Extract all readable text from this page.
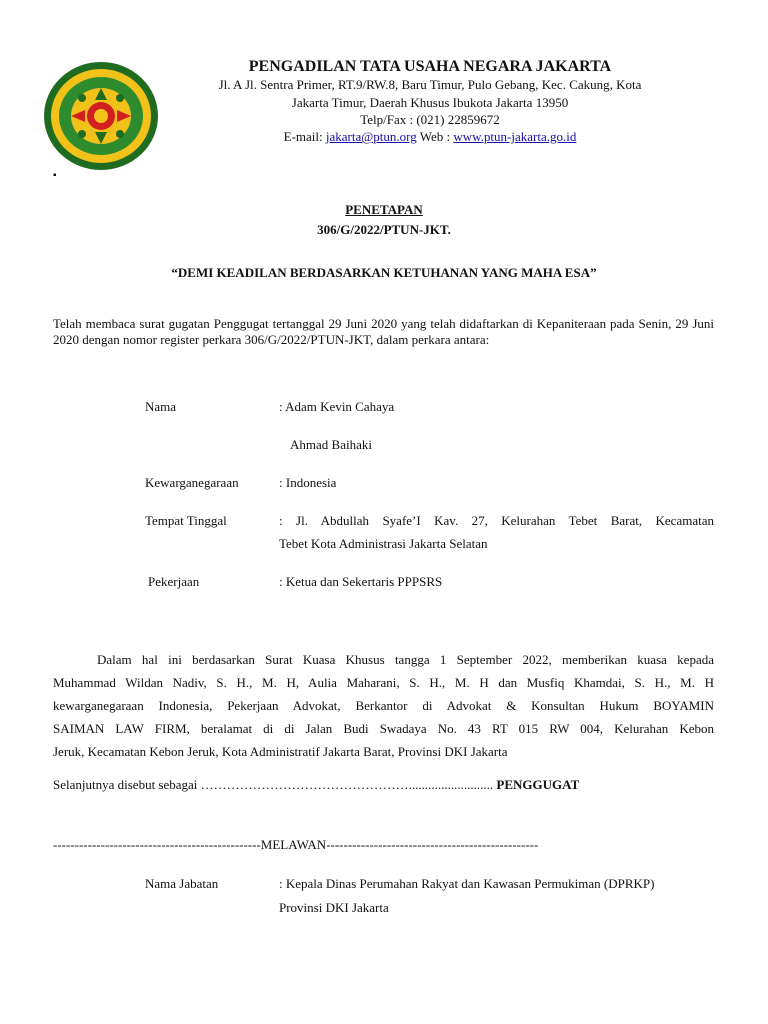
PENGADILAN TATA USAHA NEGARA JAKARTA
Jl. A Jl. Sentra Primer, RT.9/RW.8, Baru Timur, Pulo Gebang, Kec. Cakung, Kota
Jakarta Timur, Daerah Khusus Ibukota Jakarta 13950
Telp/Fax : (021) 22859672
E-mail: jakarta@ptun.org Web : www.ptun-jakarta.go.id
▪
PENETAPAN
306/G/2022/PTUN-JKT.
“DEMI KEADILAN BERDASARKAN KETUHANAN YANG MAHA ESA”
Telah membaca surat gugatan Penggugat tertanggal 29 Juni 2020 yang telah didaftarkan di Kepaniteraan pada Senin, 29 Juni 2020 dengan nomor register perkara 306/G/2022/PTUN-JKT, dalam perkara antara:
Nama	: Adam Kevin Cahaya
Ahmad Baihaki
Kewarganegaraan	: Indonesia
Tempat Tinggal	: Jl. Abdullah Syafe’I Kav. 27, Kelurahan Tebet Barat, Kecamatan
Tebet Kota Administrasi Jakarta Selatan
Pekerjaan	: Ketua dan Sekertaris PPPSRS
Dalam hal ini berdasarkan Surat Kuasa Khusus tangga 1 September 2022, memberikan kuasa kepada
Muhammad Wildan Nadiv, S. H., M. H, Aulia Maharani, S. H., M. H dan Musfiq Khamdai, S. H., M. H
kewarganegaraan Indonesia, Pekerjaan Advokat, Berkantor di Advokat & Konsultan Hukum BOYAMIN
SAIMAN LAW FIRM, beralamat di di Jalan Budi Swadaya No. 43 RT 015 RW 004, Kelurahan Kebon
Jeruk, Kecamatan Kebon Jeruk, Kota Administratif Jakarta Barat, Provinsi DKI Jakarta
Selanjutnya disebut sebagai ………………………………………….......................... PENGGUGAT
------------------------------------------------MELAWAN-------------------------------------------------
Nama Jabatan	: Kepala Dinas Perumahan Rakyat dan Kawasan Permukiman (DPRKP)
Provinsi DKI Jakarta
